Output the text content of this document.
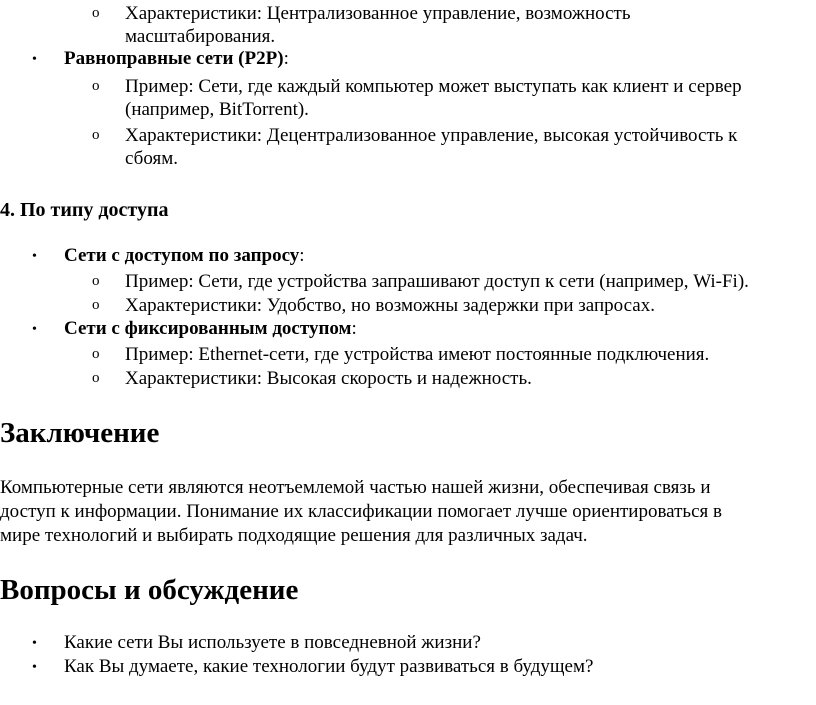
o Характеристики: Централизованное управление, возможность
масштабирования.
• Равноправные сети (P2P):
o Пример: Сети, где каждый компьютер может выступать как клиент и сервер
(например, BitTorrent).
o Характеристики: Децентрализованное управление, высокая устойчивость к
сбоям.
4. По типу доступа
• Сети с доступом по запросу:
o Пример: Сети, где устройства запрашивают доступ к сети (например, Wi-Fi).
o Характеристики: Удобство, но возможны задержки при запросах.
• Сети с фиксированным доступом:
o Пример: Ethernet-сети, где устройства имеют постоянные подключения.
o Характеристики: Высокая скорость и надежность.
Заключение
Компьютерные сети являются неотъемлемой частью нашей жизни, обеспечивая связь и
доступ к информации. Понимание их классификации помогает лучше ориентироваться в
мире технологий и выбирать подходящие решения для различных задач.
Вопросы и обсуждение
• Какие сети Вы используете в повседневной жизни?
• Как Вы думаете, какие технологии будут развиваться в будущем?
